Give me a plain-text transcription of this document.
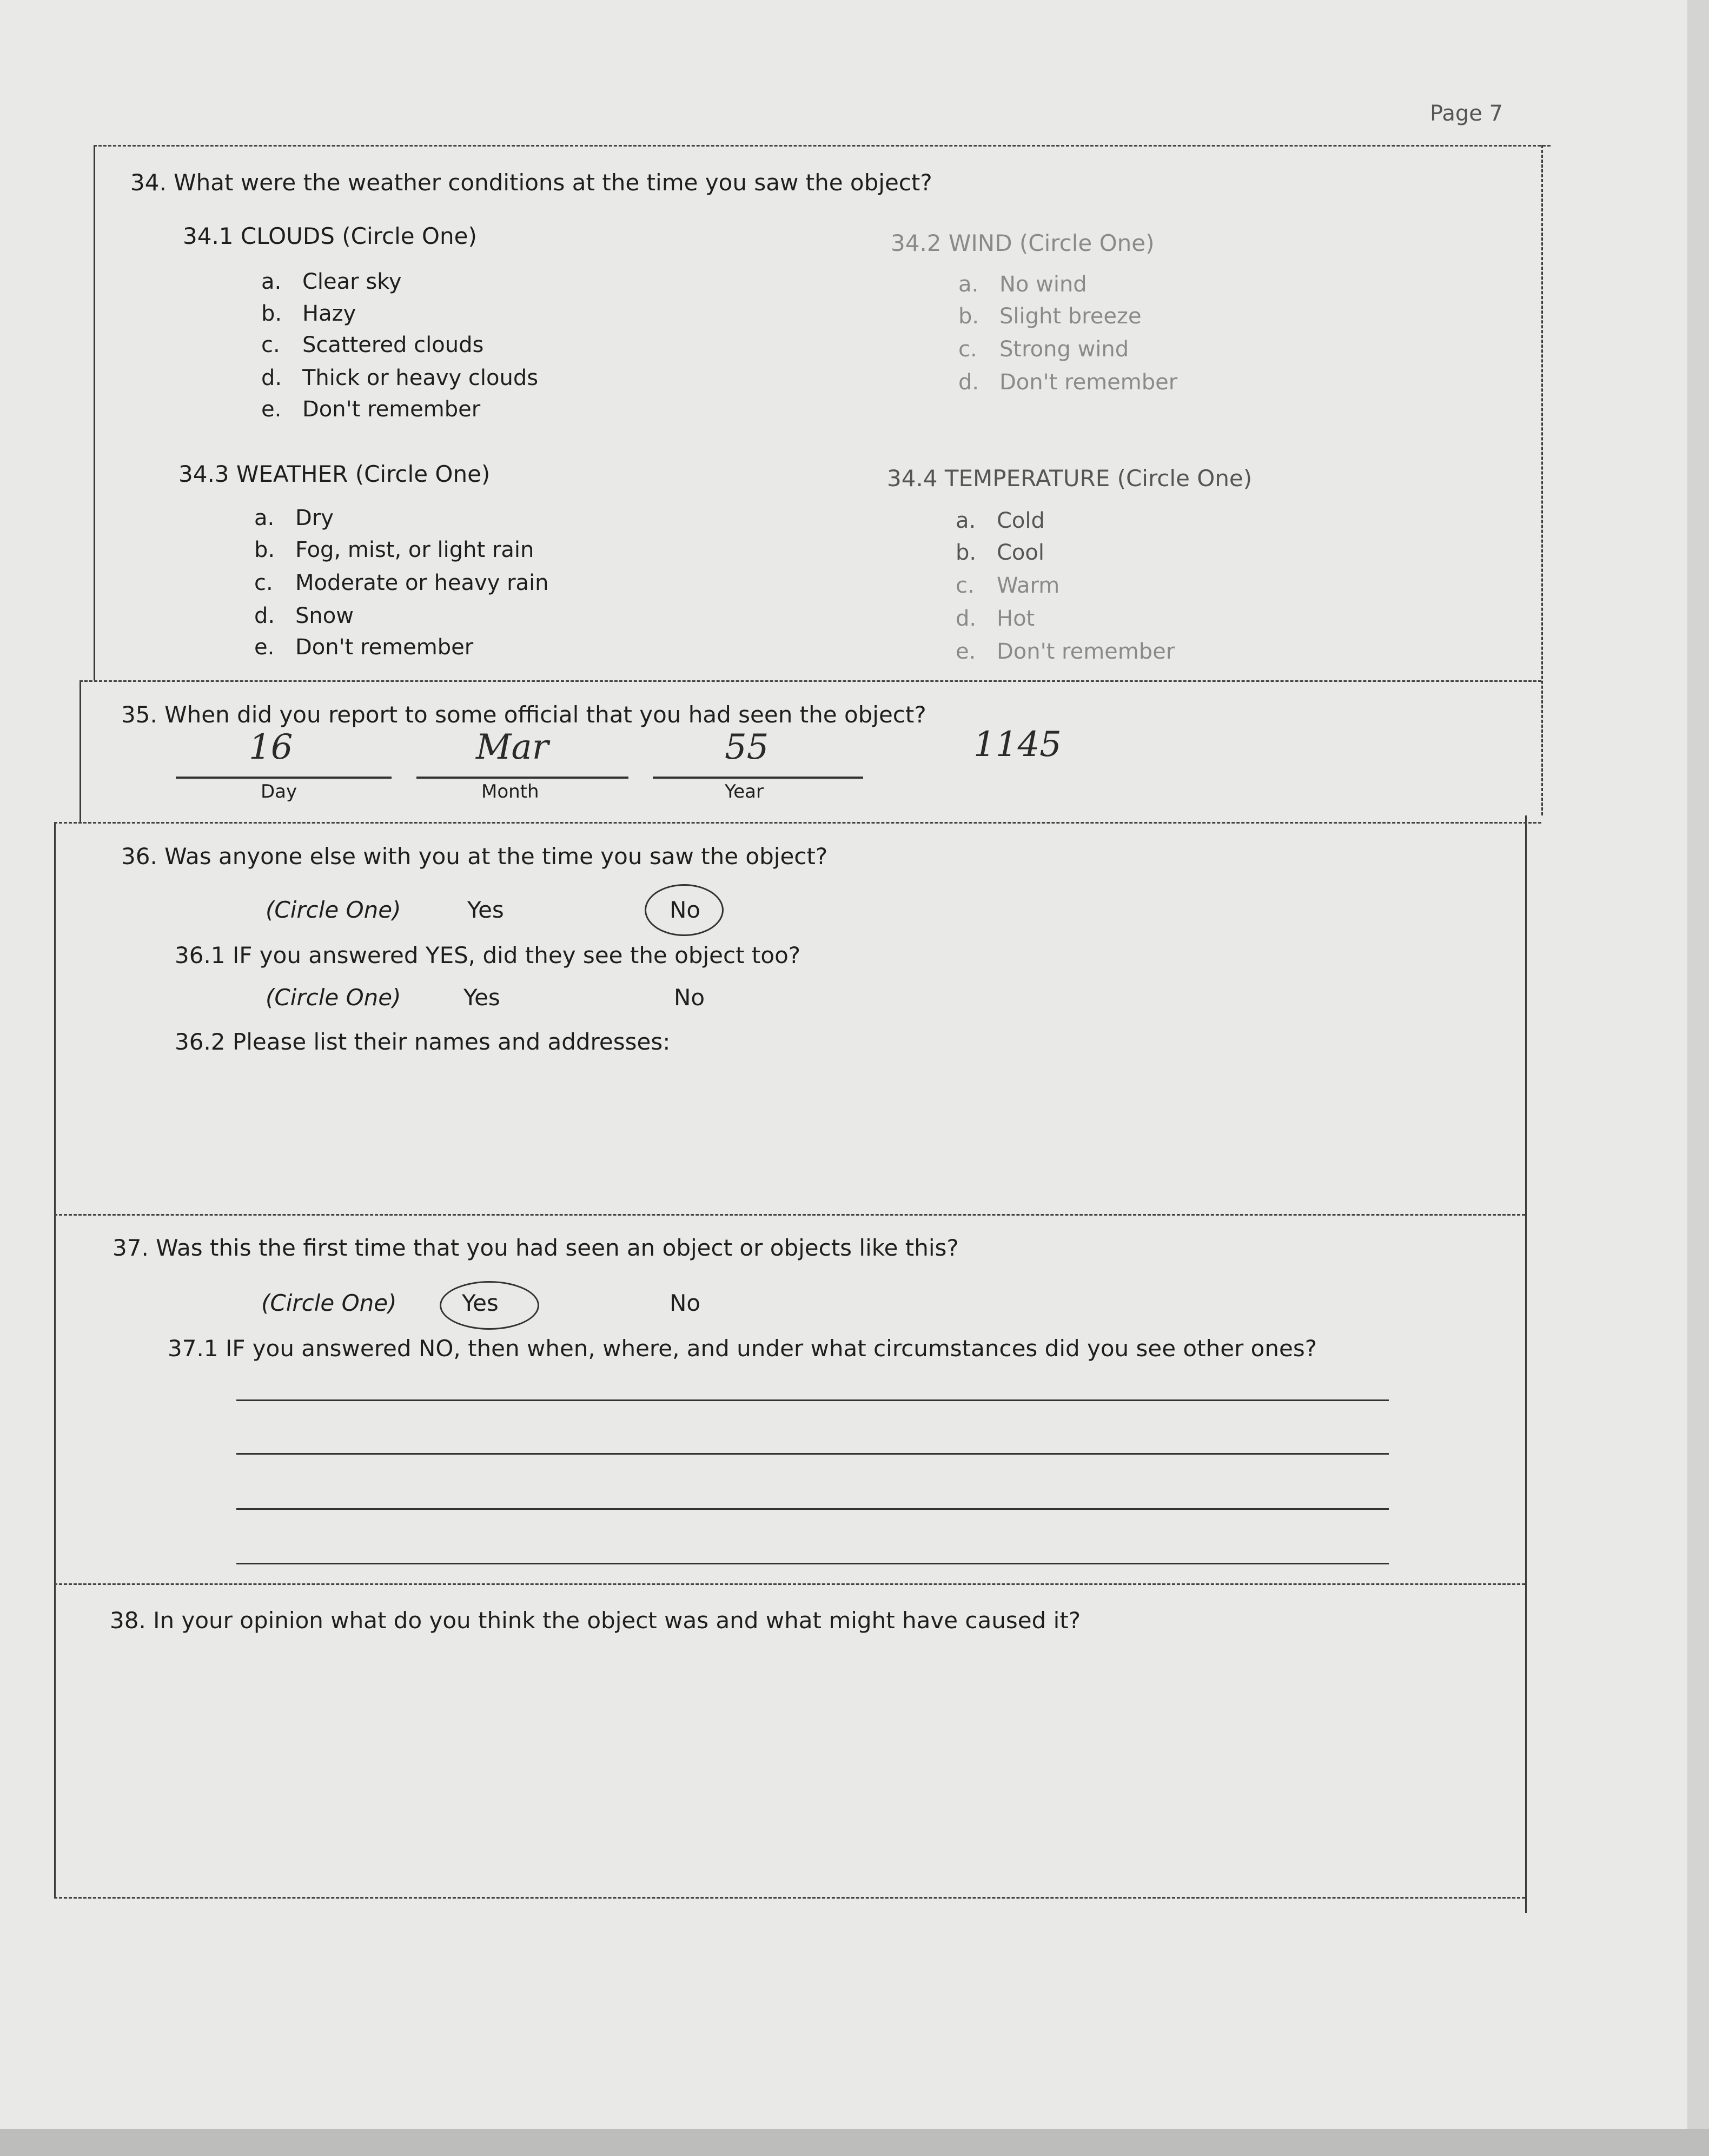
Page 7
34. What were the weather conditions at the time you saw the object?
34.1 CLOUDS (Circle One)
a. Clear sky
b. Hazy
c. Scattered clouds
d. Thick or heavy clouds
e. Don't remember
34.2 WIND (Circle One)
a. No wind
b. Slight breeze
c. Strong wind
d. Don't remember
34.3 WEATHER (Circle One)
a. Dry
b. Fog, mist, or light rain
c. Moderate or heavy rain
d. Snow
e. Don't remember
34.4 TEMPERATURE (Circle One)
a. Cold
b. Cool
c. Warm
d. Hot
e. Don't remember
35. When did you report to some official that you had seen the object?
16	Mar	55	1145
Day	Month	Year
36. Was anyone else with you at the time you saw the object?
(Circle One)	Yes	No
36.1 IF you answered YES, did they see the object too?
(Circle One)	Yes	No
36.2 Please list their names and addresses:
37. Was this the first time that you had seen an object or objects like this?
(Circle One)	Yes	No
37.1 IF you answered NO, then when, where, and under what circumstances did you see other ones?
38. In your opinion what do you think the object was and what might have caused it?
